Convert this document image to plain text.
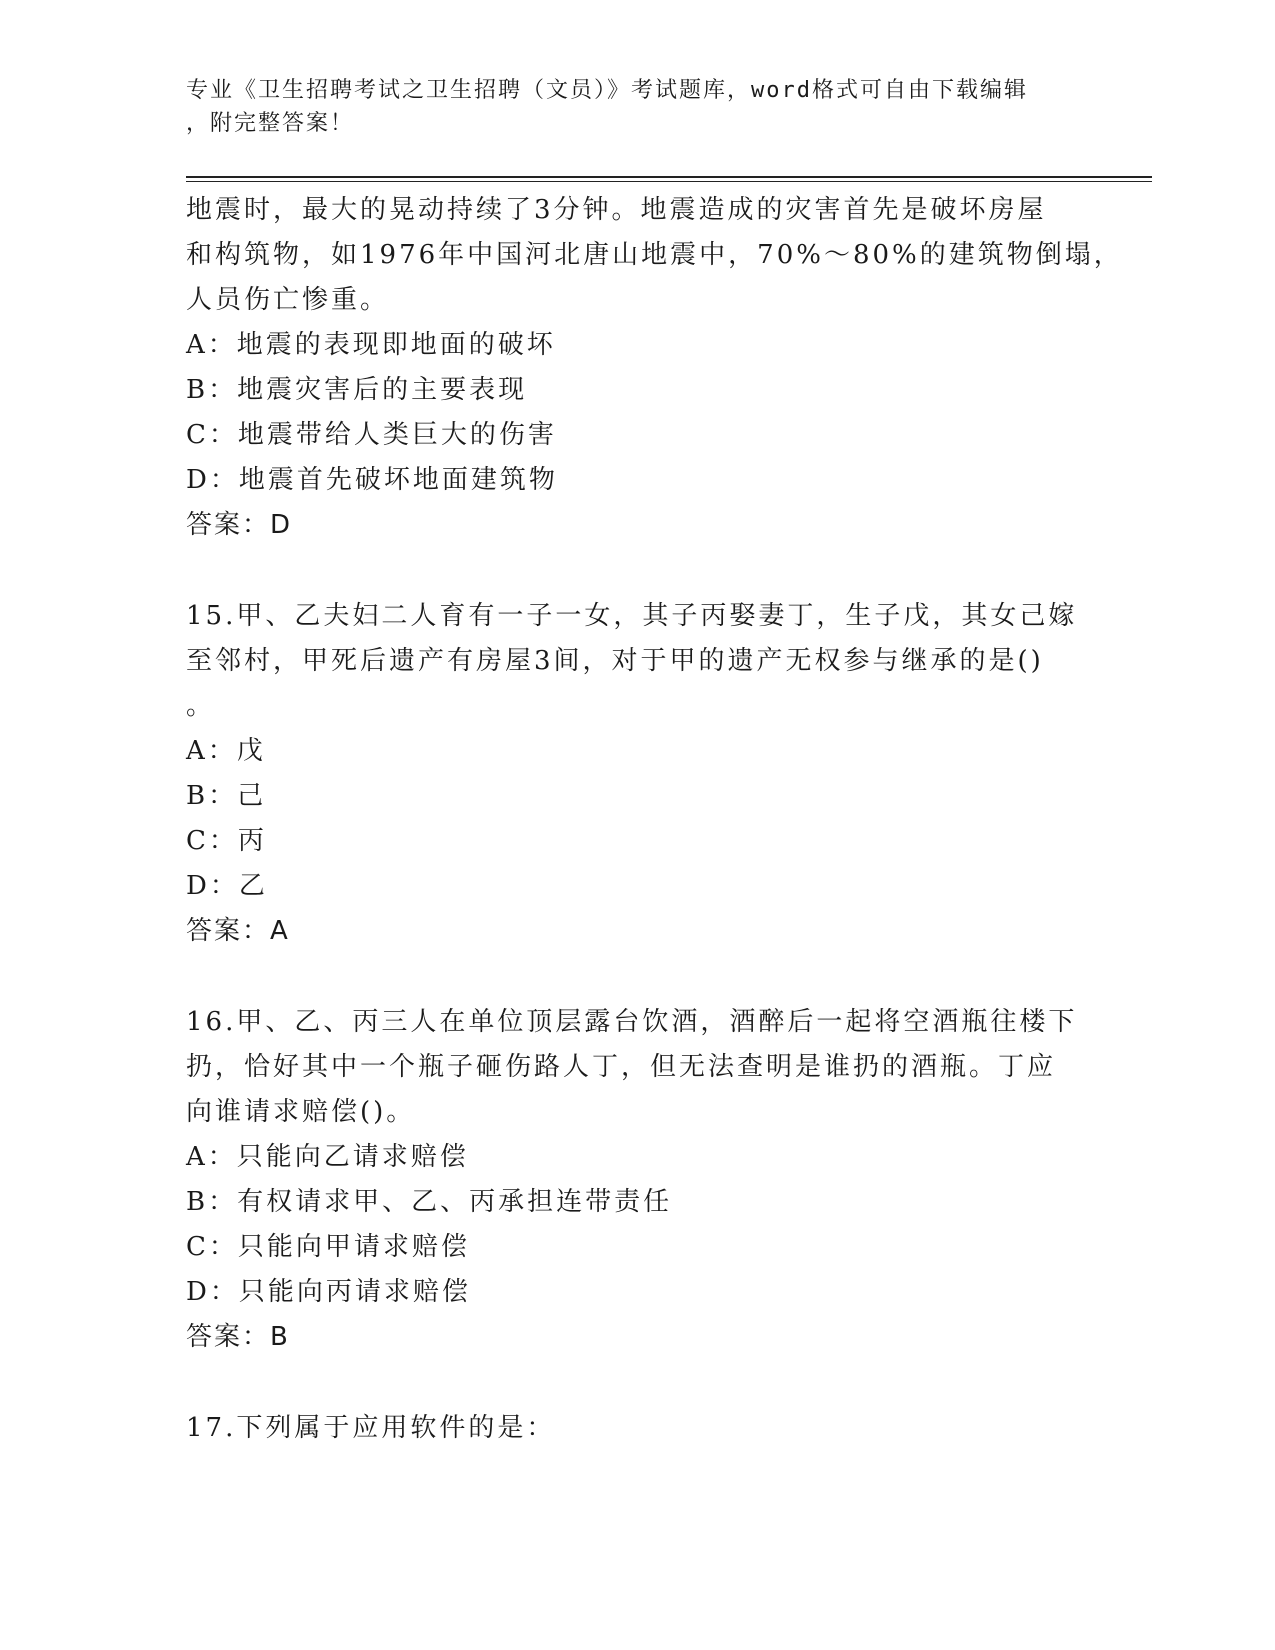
专业《卫生招聘考试之卫生招聘（文员）》考试题库，word格式可自由下载编辑
，附完整答案！
地震时，最大的晃动持续了3分钟。地震造成的灾害首先是破坏房屋
和构筑物，如1976年中国河北唐山地震中，70%～80%的建筑物倒塌，
人员伤亡惨重。
A：地震的表现即地面的破坏
B：地震灾害后的主要表现
C：地震带给人类巨大的伤害
D：地震首先破坏地面建筑物
答案：D
15.甲、乙夫妇二人育有一子一女，其子丙娶妻丁，生子戊，其女己嫁
至邻村，甲死后遗产有房屋3间，对于甲的遗产无权参与继承的是()
。
A：戊
B：己
C：丙
D：乙
答案：A
16.甲、乙、丙三人在单位顶层露台饮酒，酒醉后一起将空酒瓶往楼下
扔，恰好其中一个瓶子砸伤路人丁，但无法查明是谁扔的酒瓶。丁应
向谁请求赔偿()。
A：只能向乙请求赔偿
B：有权请求甲、乙、丙承担连带责任
C：只能向甲请求赔偿
D：只能向丙请求赔偿
答案：B
17.下列属于应用软件的是：
